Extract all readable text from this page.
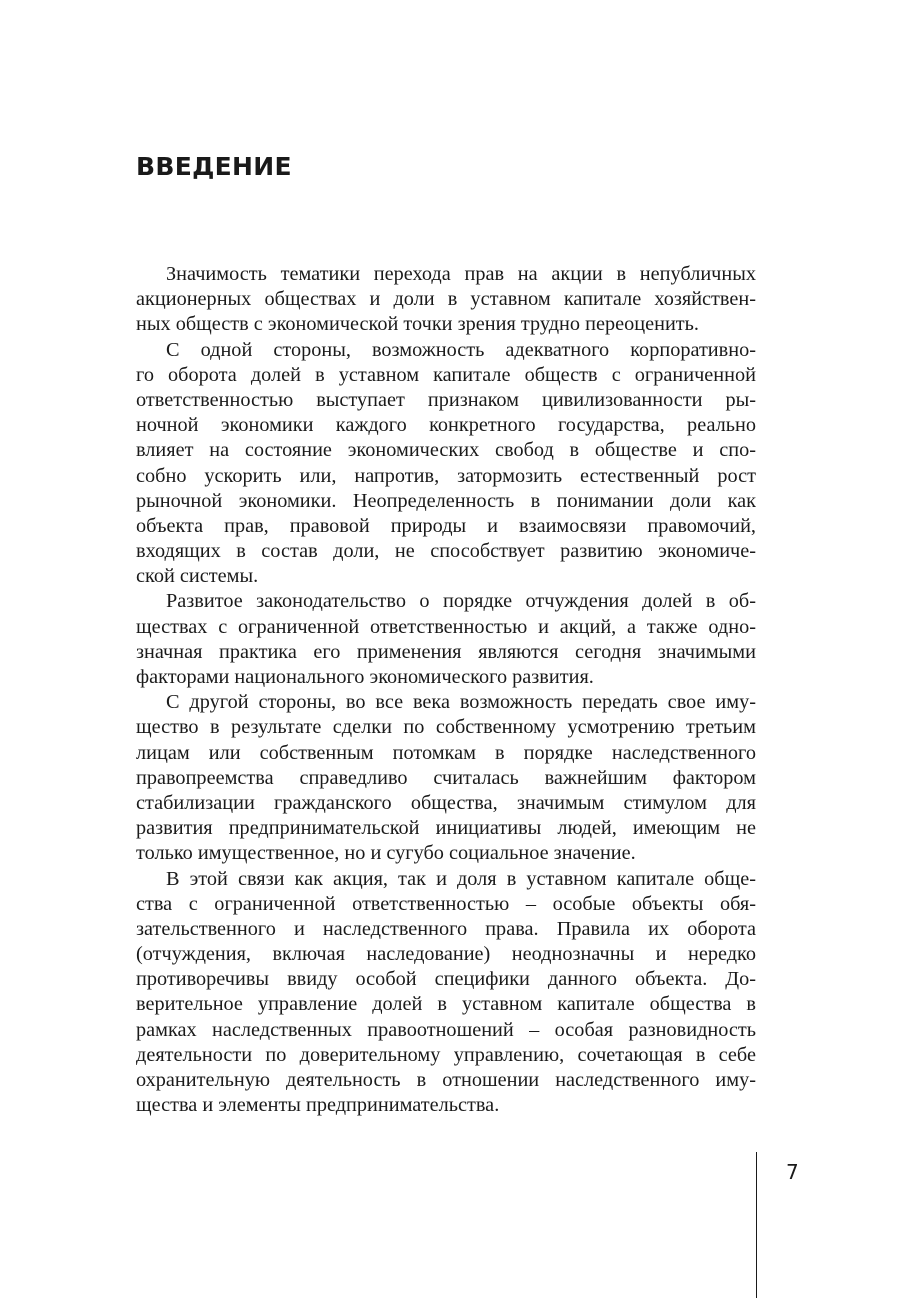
ВВЕДЕНИЕ

Значимость тематики перехода прав на акции в непубличных
акционерных обществах и доли в уставном капитале хозяйствен-
ных обществ с экономической точки зрения трудно переоценить.

С одной стороны, возможность адекватного корпоративно-
го оборота долей в уставном капитале обществ с ограниченной
ответственностью выступает признаком цивилизованности ры-
ночной экономики каждого конкретного государства, реально
влияет на состояние экономических свобод в обществе и спо-
собно ускорить или, напротив, затормозить естественный рост
рыночной экономики. Неопределенность в понимании доли как
объекта прав, правовой природы и взаимосвязи правомочий,
входящих в состав доли, не способствует развитию экономиче-
ской системы.

Развитое законодательство о порядке отчуждения долей в об-
ществах с ограниченной ответственностью и акций, а также одно-
значная практика его применения являются сегодня значимыми
факторами национального экономического развития.

С другой стороны, во все века возможность передать свое иму-
щество в результате сделки по собственному усмотрению третьим
лицам или собственным потомкам в порядке наследственного
правопреемства справедливо считалась важнейшим фактором
стабилизации гражданского общества, значимым стимулом для
развития предпринимательской инициативы людей, имеющим не
только имущественное, но и сугубо социальное значение.

В этой связи как акция, так и доля в уставном капитале обще-
ства с ограниченной ответственностью – особые объекты обя-
зательственного и наследственного права. Правила их оборота
(отчуждения, включая наследование) неоднозначны и нередко
противоречивы ввиду особой специфики данного объекта. До-
верительное управление долей в уставном капитале общества в
рамках наследственных правоотношений – особая разновидность
деятельности по доверительному управлению, сочетающая в себе
охранительную деятельность в отношении наследственного иму-
щества и элементы предпринимательства.

7
